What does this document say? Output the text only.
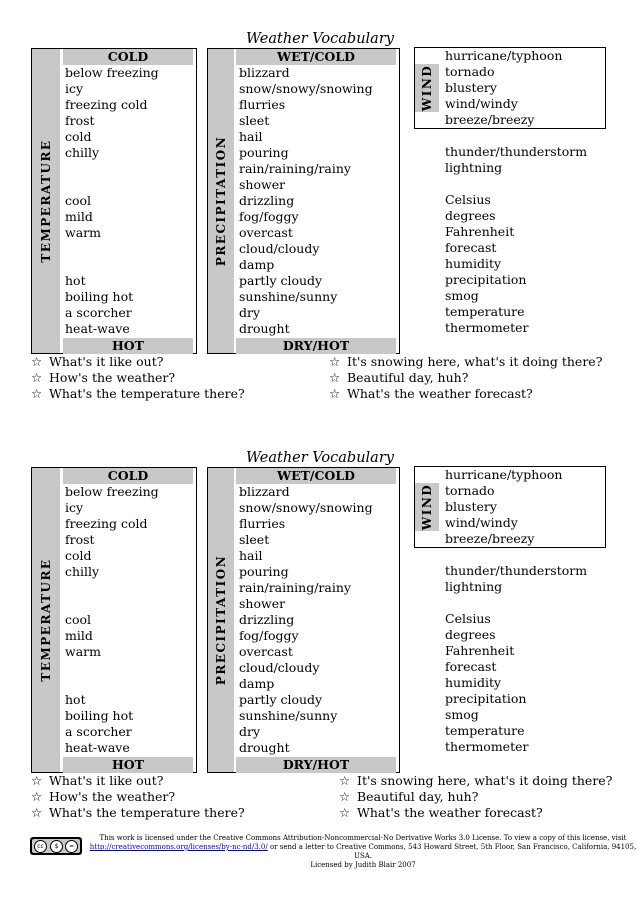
Weather Vocabulary
TEMPERATURE
COLD
below freezing
icy
freezing cold
frost
cold
chilly
cool
mild
warm
hot
boiling hot
a scorcher
heat-wave
HOT
PRECIPITATION
WET/COLD
blizzard
snow/snowy/snowing
flurries
sleet
hail
pouring
rain/raining/rainy
shower
drizzling
fog/foggy
overcast
cloud/cloudy
damp
partly cloudy
sunshine/sunny
dry
drought
DRY/HOT
WIND
hurricane/typhoon
tornado
blustery
wind/windy
breeze/breezy
thunder/thunderstorm
lightning
Celsius
degrees
Fahrenheit
forecast
humidity
precipitation
smog
temperature
thermometer
☆ What's it like out?
☆ How's the weather?
☆ What's the temperature there?
☆ It's snowing here, what's it doing there?
☆ Beautiful day, huh?
☆ What's the weather forecast?
Weather Vocabulary
TEMPERATURE
COLD
below freezing
icy
freezing cold
frost
cold
chilly
cool
mild
warm
hot
boiling hot
a scorcher
heat-wave
HOT
PRECIPITATION
WET/COLD
blizzard
snow/snowy/snowing
flurries
sleet
hail
pouring
rain/raining/rainy
shower
drizzling
fog/foggy
overcast
cloud/cloudy
damp
partly cloudy
sunshine/sunny
dry
drought
DRY/HOT
WIND
hurricane/typhoon
tornado
blustery
wind/windy
breeze/breezy
thunder/thunderstorm
lightning
Celsius
degrees
Fahrenheit
forecast
humidity
precipitation
smog
temperature
thermometer
☆ What's it like out?
☆ How's the weather?
☆ What's the temperature there?
☆ It's snowing here, what's it doing there?
☆ Beautiful day, huh?
☆ What's the weather forecast?
cc	$	=
This work is licensed under the Creative Commons Attribution-Noncommercial-No Derivative Works 3.0 License. To view a copy of this license, visit
http://creativecommons.org/licenses/by-nc-nd/3.0/ or send a letter to Creative Commons, 543 Howard Street, 5th Floor, San Francisco, California, 94105, USA.
Licensed by Judith Blair 2007
